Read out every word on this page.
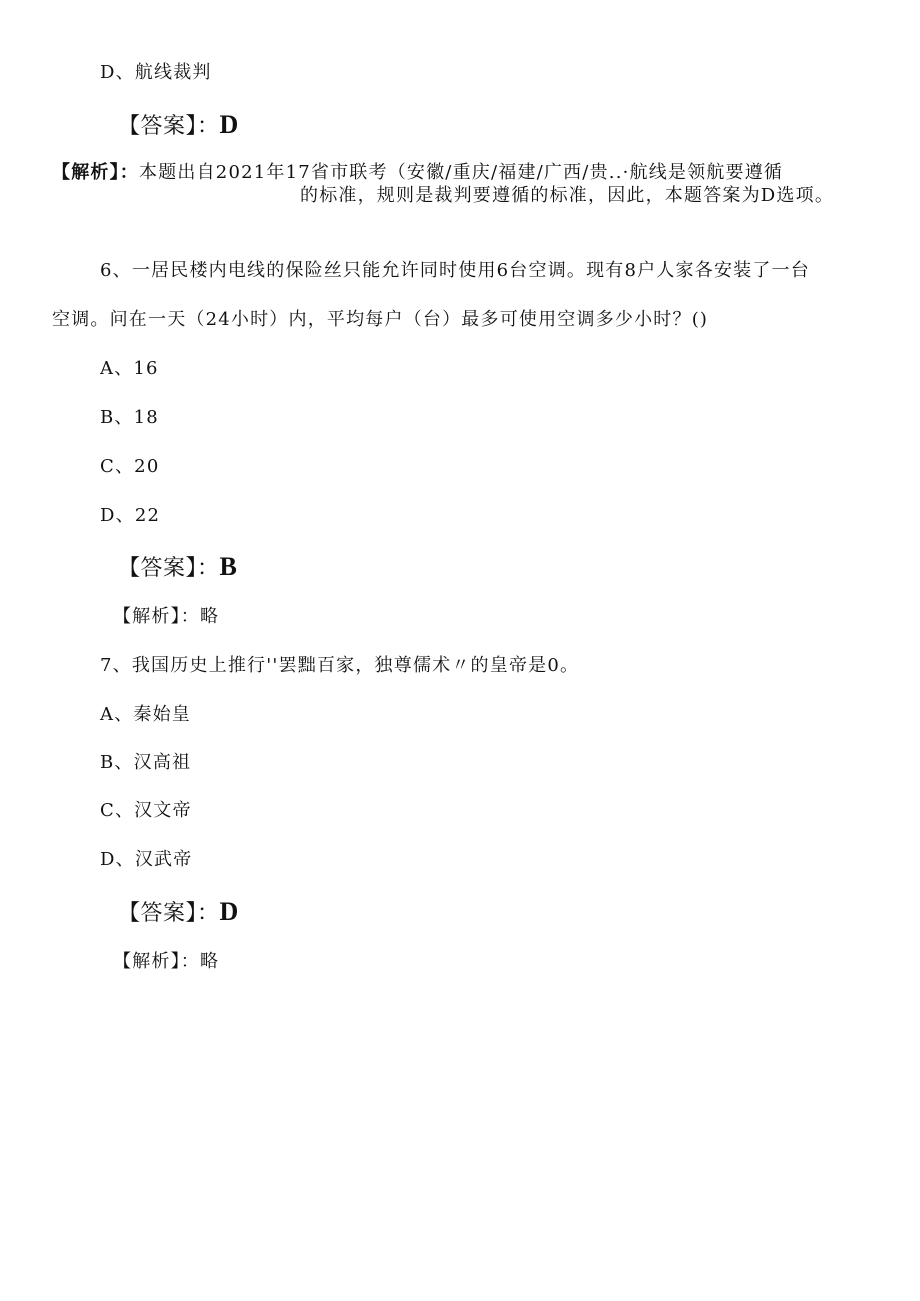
D、航线裁判
【答案】：D
【解析】：本题出自2021年17省市联考（安徽/重庆/福建/广西/贵..·航线是领航要遵循
的标准，规则是裁判要遵循的标准，因此，本题答案为D选项。
6、一居民楼内电线的保险丝只能允许同时使用6台空调。现有8户人家各安装了一台
空调。问在一天（24小时）内，平均每户（台）最多可使用空调多少小时？()
A、16
B、18
C、20
D、22
【答案】：B
【解析】：略
7、我国历史上推行''罢黜百家，独尊儒术〃的皇帝是0。
A、秦始皇
B、汉高祖
C、汉文帝
D、汉武帝
【答案】：D
【解析】：略
